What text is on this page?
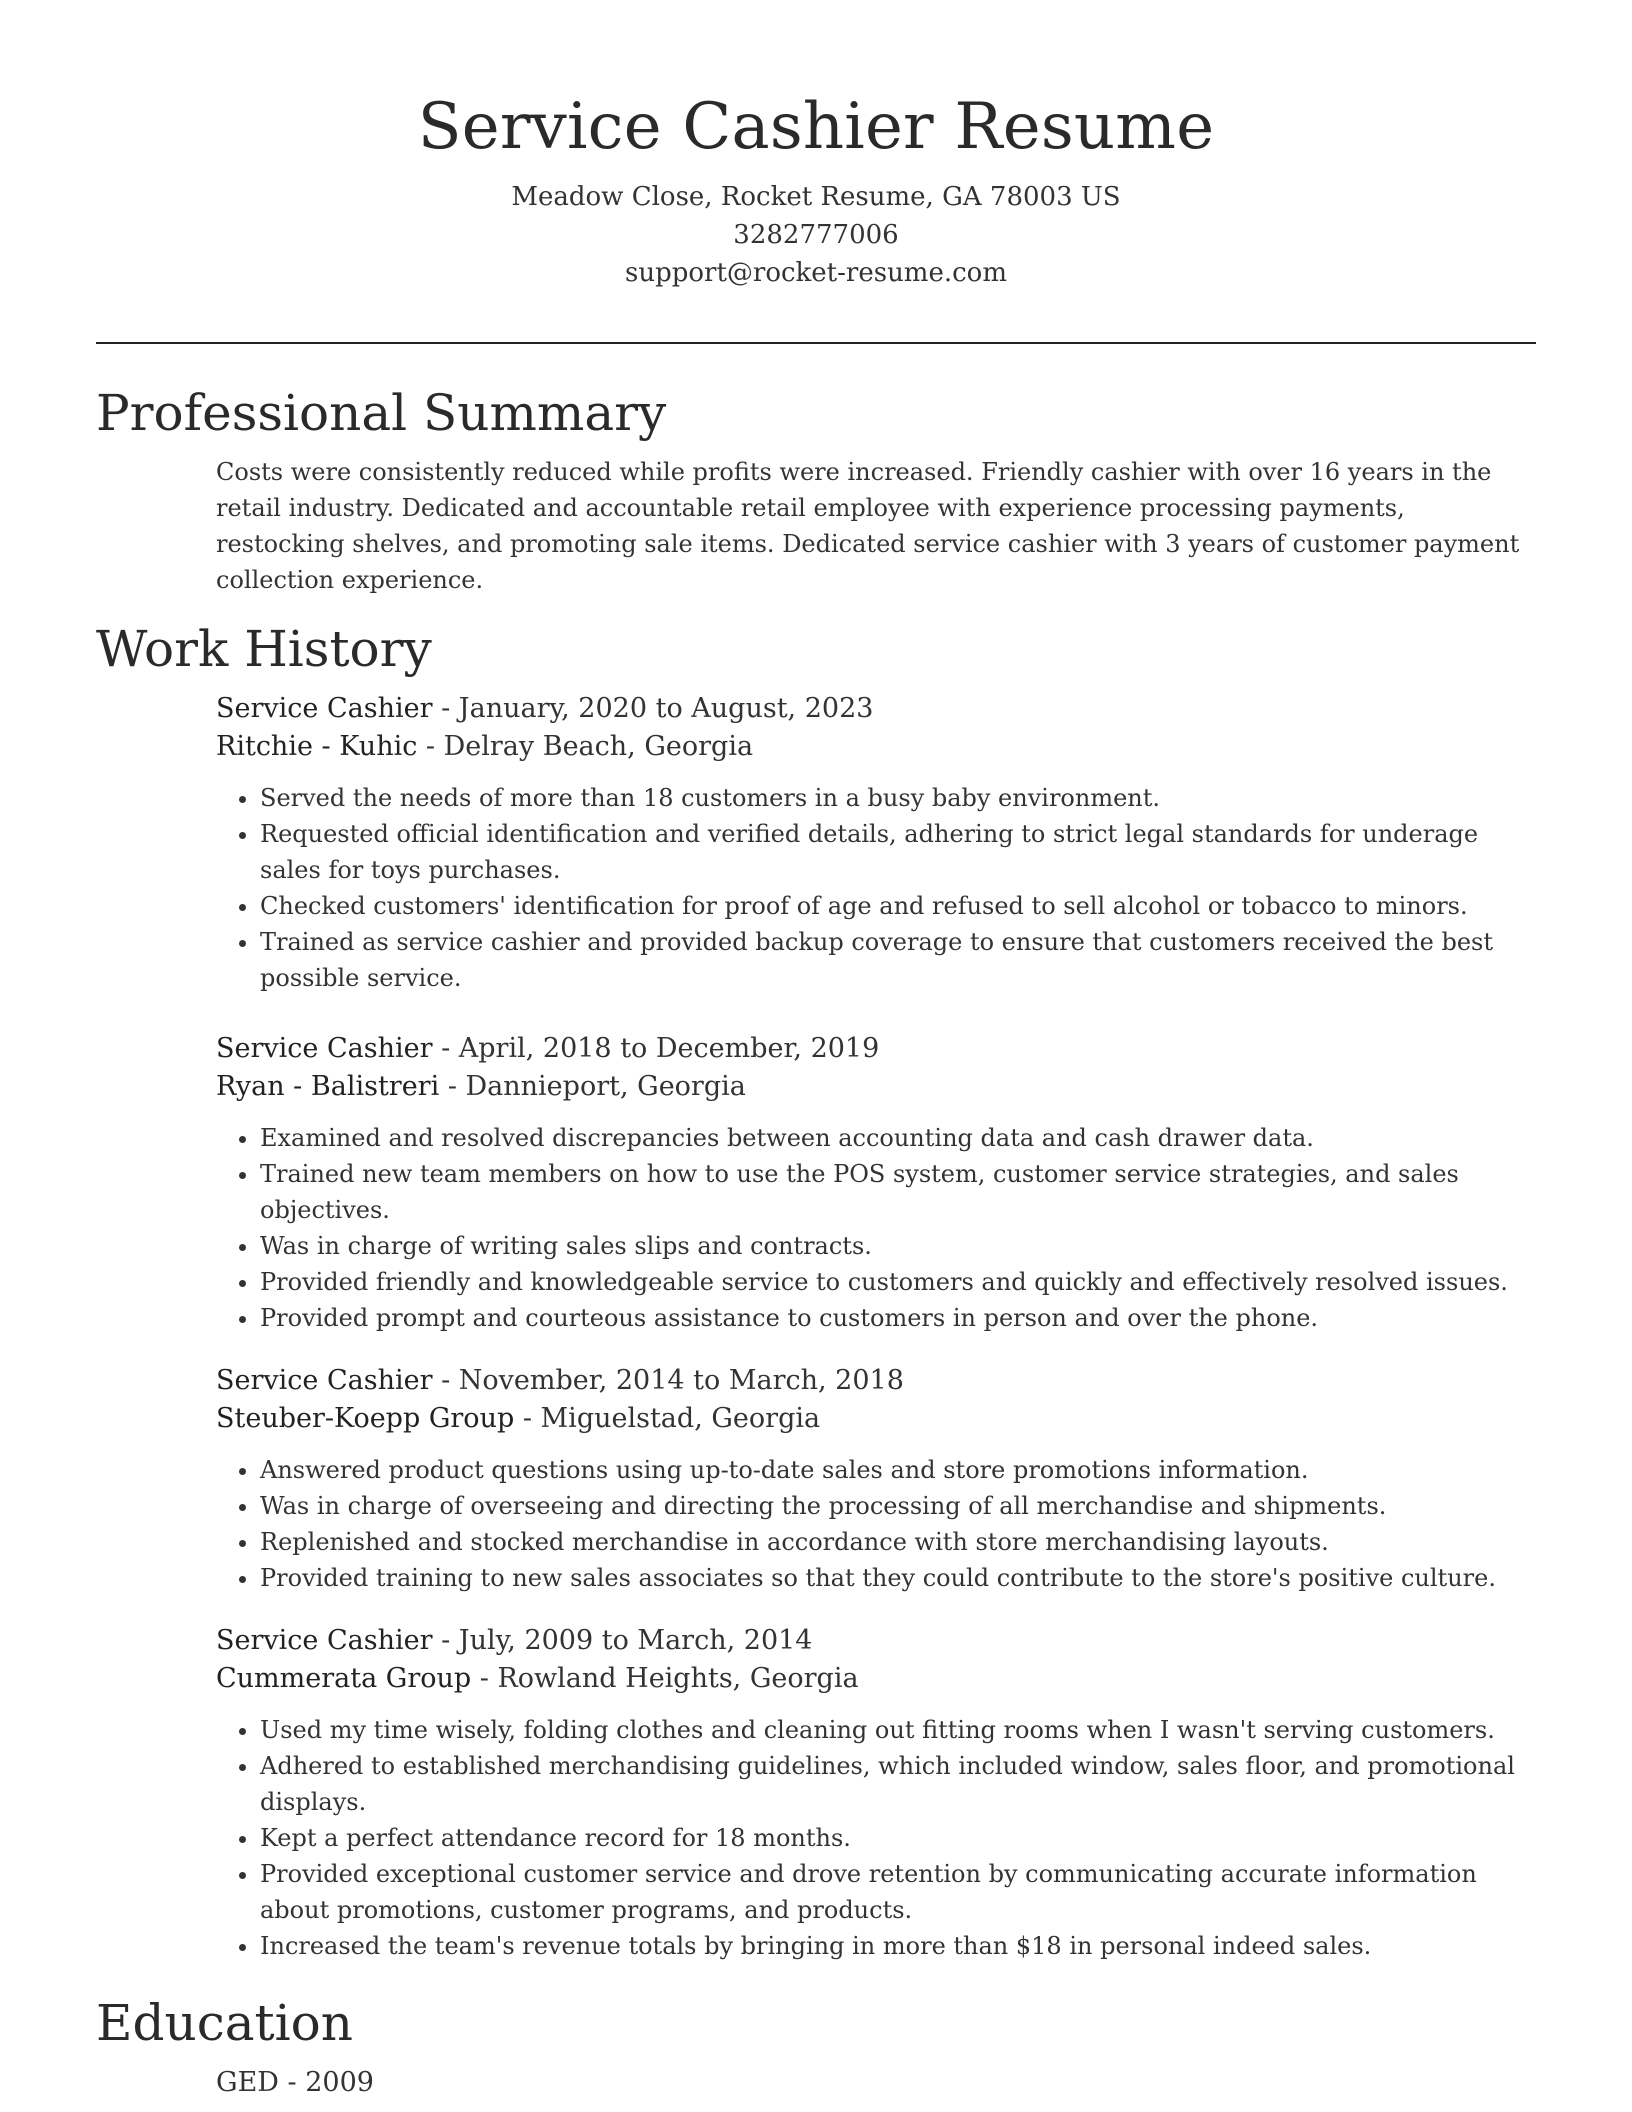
Service Cashier Resume
Meadow Close, Rocket Resume, GA 78003 US
3282777006
support@rocket-resume.com
Professional Summary

Costs were consistently reduced while profits were increased. Friendly cashier with over 16 years in the retail industry. Dedicated and accountable retail employee with experience processing payments, restocking shelves, and promoting sale items. Dedicated service cashier with 3 years of customer payment collection experience.

Work History
Service Cashier - January, 2020 to August, 2023
Ritchie - Kuhic - Delray Beach, Georgia
• Served the needs of more than 18 customers in a busy baby environment.
• Requested official identification and verified details, adhering to strict legal standards for underage sales for toys purchases.
• Checked customers' identification for proof of age and refused to sell alcohol or tobacco to minors.
• Trained as service cashier and provided backup coverage to ensure that customers received the best possible service.
Service Cashier - April, 2018 to December, 2019
Ryan - Balistreri - Dannieport, Georgia
• Examined and resolved discrepancies between accounting data and cash drawer data.
• Trained new team members on how to use the POS system, customer service strategies, and sales objectives.
• Was in charge of writing sales slips and contracts.
• Provided friendly and knowledgeable service to customers and quickly and effectively resolved issues.
• Provided prompt and courteous assistance to customers in person and over the phone.
Service Cashier - November, 2014 to March, 2018
Steuber-Koepp Group - Miguelstad, Georgia
• Answered product questions using up-to-date sales and store promotions information.
• Was in charge of overseeing and directing the processing of all merchandise and shipments.
• Replenished and stocked merchandise in accordance with store merchandising layouts.
• Provided training to new sales associates so that they could contribute to the store's positive culture.
Service Cashier - July, 2009 to March, 2014
Cummerata Group - Rowland Heights, Georgia
• Used my time wisely, folding clothes and cleaning out fitting rooms when I wasn't serving customers.
• Adhered to established merchandising guidelines, which included window, sales floor, and promotional displays.
• Kept a perfect attendance record for 18 months.
• Provided exceptional customer service and drove retention by communicating accurate information about promotions, customer programs, and products.
• Increased the team's revenue totals by bringing in more than $18 in personal indeed sales.
Education
GED - 2009
